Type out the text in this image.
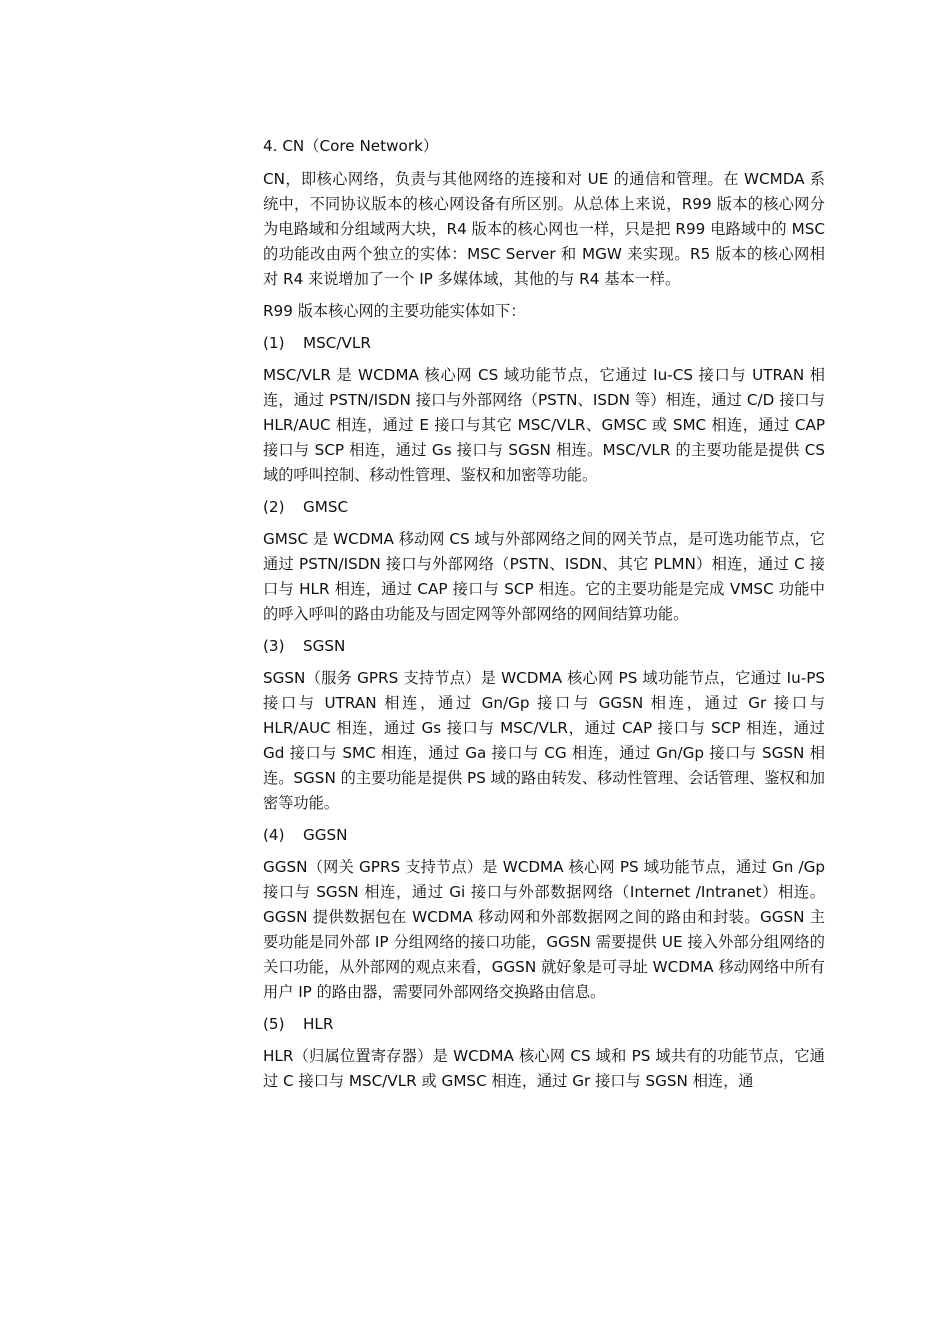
4. CN（Core Network）

CN，即核心网络，负责与其他网络的连接和对 UE 的通信和管理。在 WCMDA 系统中，不同协议版本的核心网设备有所区别。从总体上来说，R99 版本的核心网分为电路域和分组域两大块，R4 版本的核心网也一样，只是把 R99 电路域中的 MSC 的功能改由两个独立的实体：MSC Server 和 MGW 来实现。R5 版本的核心网相对 R4 来说增加了一个 IP 多媒体域，其他的与 R4 基本一样。

R99 版本核心网的主要功能实体如下：

(1)	MSC/VLR

MSC/VLR 是 WCDMA 核心网 CS 域功能节点，它通过 Iu-CS 接口与 UTRAN 相连，通过 PSTN/ISDN 接口与外部网络（PSTN、ISDN 等）相连，通过 C/D 接口与 HLR/AUC 相连，通过 E 接口与其它 MSC/VLR、GMSC 或 SMC 相连，通过 CAP 接口与 SCP 相连，通过 Gs 接口与 SGSN 相连。MSC/VLR 的主要功能是提供 CS 域的呼叫控制、移动性管理、鉴权和加密等功能。

(2)	GMSC

GMSC 是 WCDMA 移动网 CS 域与外部网络之间的网关节点，是可选功能节点，它通过 PSTN/ISDN 接口与外部网络（PSTN、ISDN、其它 PLMN）相连，通过 C 接口与 HLR 相连，通过 CAP 接口与 SCP 相连。它的主要功能是完成 VMSC 功能中的呼入呼叫的路由功能及与固定网等外部网络的网间结算功能。

(3)	SGSN

SGSN（服务 GPRS 支持节点）是 WCDMA 核心网 PS 域功能节点，它通过 Iu-PS 接口与 UTRAN 相连，通过 Gn/Gp 接口与 GGSN 相连，通过 Gr 接口与 HLR/AUC 相连，通过 Gs 接口与 MSC/VLR，通过 CAP 接口与 SCP 相连，通过 Gd 接口与 SMC 相连，通过 Ga 接口与 CG 相连，通过 Gn/Gp 接口与 SGSN 相连。SGSN 的主要功能是提供 PS 域的路由转发、移动性管理、会话管理、鉴权和加密等功能。

(4)	GGSN

GGSN（网关 GPRS 支持节点）是 WCDMA 核心网 PS 域功能节点，通过 Gn /Gp 接口与 SGSN 相连，通过 Gi 接口与外部数据网络（Internet /Intranet）相连。GGSN 提供数据包在 WCDMA 移动网和外部数据网之间的路由和封装。GGSN 主要功能是同外部 IP 分组网络的接口功能，GGSN 需要提供 UE 接入外部分组网络的关口功能，从外部网的观点来看，GGSN 就好象是可寻址 WCDMA 移动网络中所有用户 IP 的路由器，需要同外部网络交换路由信息。

(5)	HLR

HLR（归属位置寄存器）是 WCDMA 核心网 CS 域和 PS 域共有的功能节点，它通过 C 接口与 MSC/VLR 或 GMSC 相连，通过 Gr 接口与 SGSN 相连，通
